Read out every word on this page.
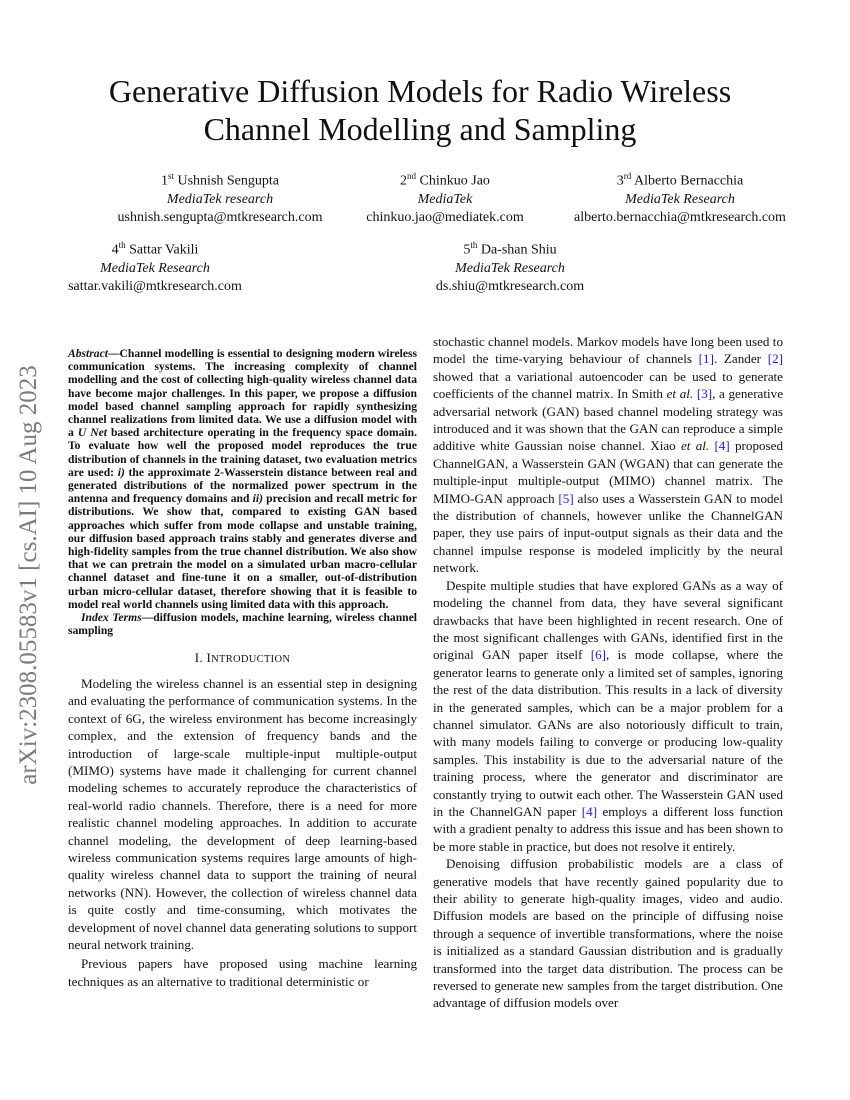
Generative Diffusion Models for Radio Wireless
Channel Modelling and Sampling
1st Ushnish Sengupta
MediaTek research
ushnish.sengupta@mtkresearch.com
2nd Chinkuo Jao
MediaTek
chinkuo.jao@mediatek.com
3rd Alberto Bernacchia
MediaTek Research
alberto.bernacchia@mtkresearch.com
4th Sattar Vakili
MediaTek Research
sattar.vakili@mtkresearch.com
5th Da-shan Shiu
MediaTek Research
ds.shiu@mtkresearch.com
arXiv:2308.05583v1 [cs.AI] 10 Aug 2023

Abstract—Channel modelling is essential to designing modern wireless communication systems. The increasing complexity of channel modelling and the cost of collecting high-quality wireless channel data have become major challenges. In this paper, we propose a diffusion model based channel sampling approach for rapidly synthesizing channel realizations from limited data. We use a diffusion model with a U Net based architecture operating in the frequency space domain. To evaluate how well the proposed model reproduces the true distribution of channels in the training dataset, two evaluation metrics are used: i) the approximate 2-Wasserstein distance between real and generated distributions of the normalized power spectrum in the antenna and frequency domains and ii) precision and recall metric for distributions. We show that, compared to existing GAN based approaches which suffer from mode collapse and unstable training, our diffusion based approach trains stably and generates diverse and high-fidelity samples from the true channel distribution. We also show that we can pretrain the model on a simulated urban macro-cellular channel dataset and fine-tune it on a smaller, out-of-distribution urban micro-cellular dataset, therefore showing that it is feasible to model real world channels using limited data with this approach.

Index Terms—diffusion models, machine learning, wireless channel sampling

I. INTRODUCTION

Modeling the wireless channel is an essential step in designing and evaluating the performance of communication systems. In the context of 6G, the wireless environment has become increasingly complex, and the extension of frequency bands and the introduction of large-scale multiple-input multiple-output (MIMO) systems have made it challenging for current channel modeling schemes to accurately reproduce the characteristics of real-world radio channels. Therefore, there is a need for more realistic channel modeling approaches. In addition to accurate channel modeling, the development of deep learning-based wireless communication systems requires large amounts of high-quality wireless channel data to support the training of neural networks (NN). However, the collection of wireless channel data is quite costly and time-consuming, which motivates the development of novel channel data generating solutions to support neural network training.

Previous papers have proposed using machine learning techniques as an alternative to traditional deterministic or

stochastic channel models. Markov models have long been used to model the time-varying behaviour of channels [1]. Zander [2] showed that a variational autoencoder can be used to generate coefficients of the channel matrix. In Smith et al. [3], a generative adversarial network (GAN) based channel modeling strategy was introduced and it was shown that the GAN can reproduce a simple additive white Gaussian noise channel. Xiao et al. [4] proposed ChannelGAN, a Wasserstein GAN (WGAN) that can generate the multiple-input multiple-output (MIMO) channel matrix. The MIMO-GAN approach [5] also uses a Wasserstein GAN to model the distribution of channels, however unlike the ChannelGAN paper, they use pairs of input-output signals as their data and the channel impulse response is modeled implicitly by the neural network.

Despite multiple studies that have explored GANs as a way of modeling the channel from data, they have several significant drawbacks that have been highlighted in recent research. One of the most significant challenges with GANs, identified first in the original GAN paper itself [6], is mode collapse, where the generator learns to generate only a limited set of samples, ignoring the rest of the data distribution. This results in a lack of diversity in the generated samples, which can be a major problem for a channel simulator. GANs are also notoriously difficult to train, with many models failing to converge or producing low-quality samples. This instability is due to the adversarial nature of the training process, where the generator and discriminator are constantly trying to outwit each other. The Wasserstein GAN used in the ChannelGAN paper [4] employs a different loss function with a gradient penalty to address this issue and has been shown to be more stable in practice, but does not resolve it entirely.

Denoising diffusion probabilistic models are a class of generative models that have recently gained popularity due to their ability to generate high-quality images, video and audio. Diffusion models are based on the principle of diffusing noise through a sequence of invertible transformations, where the noise is initialized as a standard Gaussian distribution and is gradually transformed into the target data distribution. The process can be reversed to generate new samples from the target distribution. One advantage of diffusion models over
